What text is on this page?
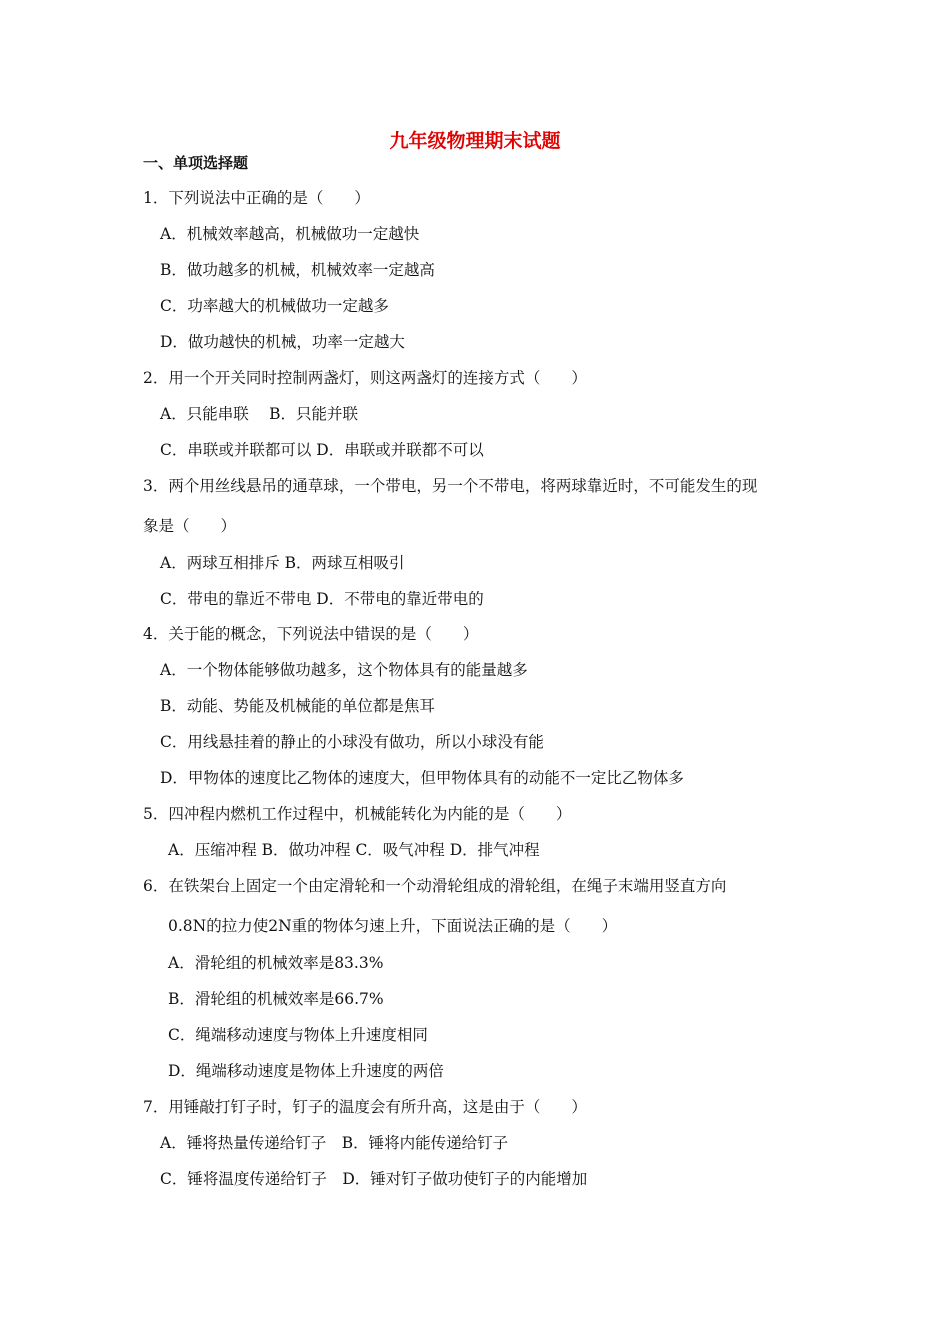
九年级物理期末试题
一、单项选择题
1．下列说法中正确的是（　　）
A．机械效率越高，机械做功一定越快
B．做功越多的机械，机械效率一定越高
C．功率越大的机械做功一定越多
D．做功越快的机械，功率一定越大
2．用一个开关同时控制两盏灯，则这两盏灯的连接方式（　　）
A．只能串联　 B．只能并联
C．串联或并联都可以 D．串联或并联都不可以
3．两个用丝线悬吊的通草球，一个带电，另一个不带电，将两球靠近时，不可能发生的现
象是（　　）
A．两球互相排斥 B．两球互相吸引
C．带电的靠近不带电 D．不带电的靠近带电的
4．关于能的概念，下列说法中错误的是（　　）
A．一个物体能够做功越多，这个物体具有的能量越多
B．动能、势能及机械能的单位都是焦耳
C．用线悬挂着的静止的小球没有做功，所以小球没有能
D．甲物体的速度比乙物体的速度大，但甲物体具有的动能不一定比乙物体多
5．四冲程内燃机工作过程中，机械能转化为内能的是（　　）
A．压缩冲程 B．做功冲程 C．吸气冲程 D．排气冲程
6．在铁架台上固定一个由定滑轮和一个动滑轮组成的滑轮组，在绳子末端用竖直方向
0.8N的拉力使2N重的物体匀速上升，下面说法正确的是（　　）
A．滑轮组的机械效率是83.3%
B．滑轮组的机械效率是66.7%
C．绳端移动速度与物体上升速度相同
D．绳端移动速度是物体上升速度的两倍
7．用锤敲打钉子时，钉子的温度会有所升高，这是由于（　　）
A．锤将热量传递给钉子　B．锤将内能传递给钉子
C．锤将温度传递给钉子　D．锤对钉子做功使钉子的内能增加
